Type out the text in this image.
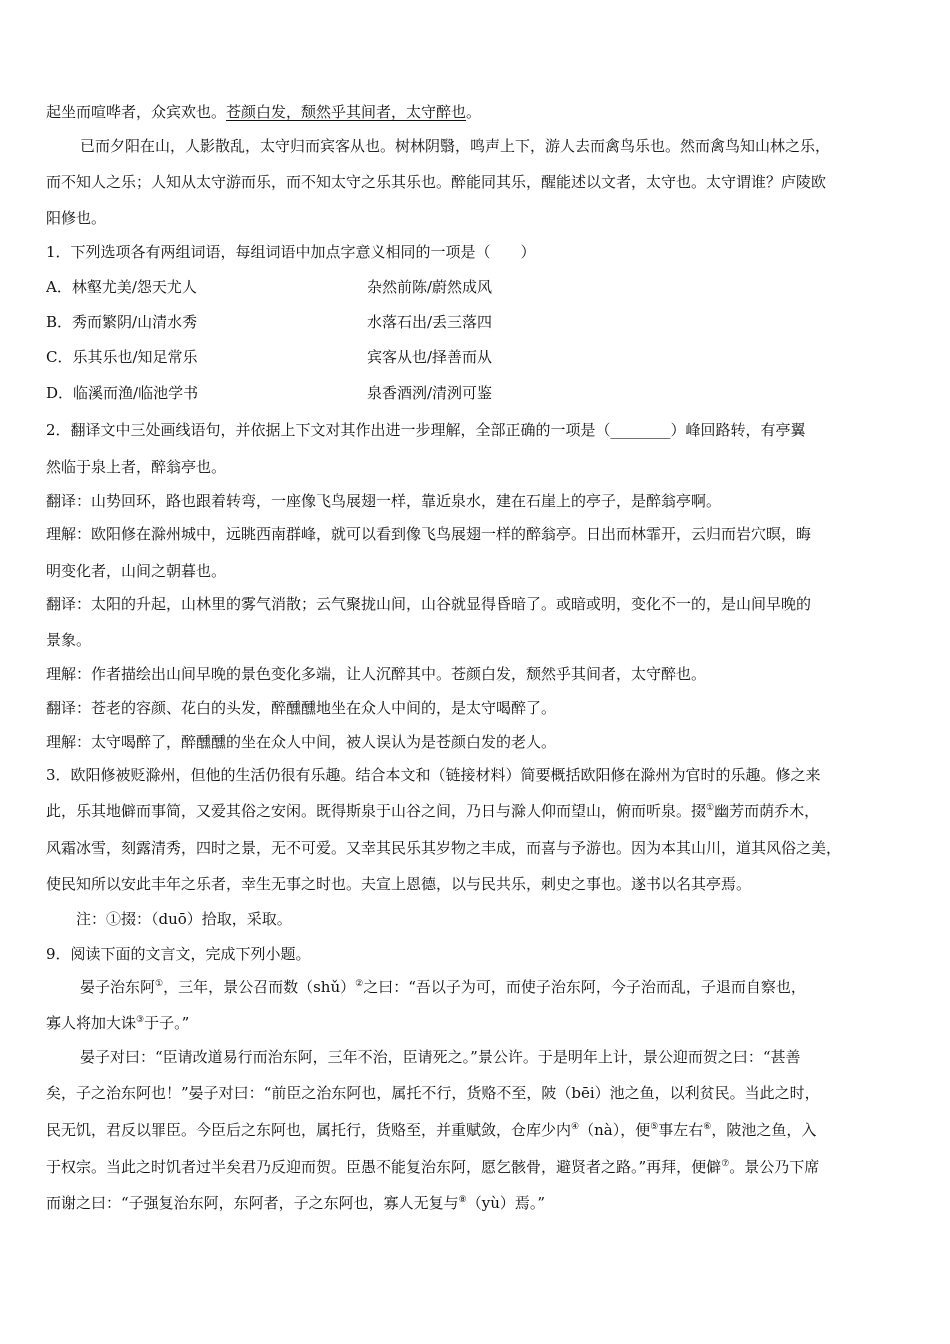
起坐而喧哗者，众宾欢也。苍颜白发，颓然乎其间者，太守醉也。
已而夕阳在山，人影散乱，太守归而宾客从也。树林阴翳，鸣声上下，游人去而禽鸟乐也。然而禽鸟知山林之乐，
而不知人之乐；人知从太守游而乐，而不知太守之乐其乐也。醉能同其乐，醒能述以文者，太守也。太守谓谁？庐陵欧
阳修也。
1．下列选项各有两组词语，每组词语中加点字意义相同的一项是（　　）
A．林壑尤美/怨天尤人	杂然前陈/蔚然成风
B．秀而繁阴/山清水秀	水落石出/丢三落四
C．乐其乐也/知足常乐	宾客从也/择善而从
D．临溪而渔/临池学书	泉香酒洌/清洌可鉴
2．翻译文中三处画线语句，并依据上下文对其作出进一步理解，全部正确的一项是（________）峰回路转，有亭翼
然临于泉上者，醉翁亭也。
翻译：山势回环，路也跟着转弯，一座像飞鸟展翅一样，靠近泉水，建在石崖上的亭子，是醉翁亭啊。
理解：欧阳修在滁州城中，远眺西南群峰，就可以看到像飞鸟展翅一样的醉翁亭。日出而林霏开，云归而岩穴暝，晦
明变化者，山间之朝暮也。
翻译：太阳的升起，山林里的雾气消散；云气聚拢山间，山谷就显得昏暗了。或暗或明，变化不一的，是山间早晚的
景象。
理解：作者描绘出山间早晚的景色变化多端，让人沉醉其中。苍颜白发，颓然乎其间者，太守醉也。
翻译：苍老的容颜、花白的头发，醉醺醺地坐在众人中间的，是太守喝醉了。
理解：太守喝醉了，醉醺醺的坐在众人中间，被人误认为是苍颜白发的老人。
3．欧阳修被贬滁州，但他的生活仍很有乐趣。结合本文和（链接材料）简要概括欧阳修在滁州为官时的乐趣。修之来
此，乐其地僻而事简，又爱其俗之安闲。既得斯泉于山谷之间，乃日与滁人仰而望山，俯而听泉。掇①幽芳而荫乔木，
风霜冰雪，刻露清秀，四时之景，无不可爱。又幸其民乐其岁物之丰成，而喜与予游也。因为本其山川，道其风俗之美，
使民知所以安此丰年之乐者，幸生无事之时也。夫宣上恩德，以与民共乐，刺史之事也。遂书以名其亭焉。
注：①掇：（duō）拾取，采取。
9．阅读下面的文言文，完成下列小题。
晏子治东阿①，三年，景公召而数（shǔ）②之曰：“吾以子为可，而使子治东阿，今子治而乱，子退而自察也，
寡人将加大诛③于子。”
晏子对曰：“臣请改道易行而治东阿，三年不治，臣请死之。”景公许。于是明年上计，景公迎而贺之曰：“甚善
矣，子之治东阿也！”晏子对曰：“前臣之治东阿也，属托不行，货赂不至，陂（bēi）池之鱼，以利贫民。当此之时，
民无饥，君反以罪臣。今臣后之东阿也，属托行，货赂至，并重赋敛，仓库少内④（nà），便⑤事左右⑥，陂池之鱼，入
于权宗。当此之时饥者过半矣君乃反迎而贺。臣愚不能复治东阿，愿乞骸骨，避贤者之路。”再拜，便僻⑦。景公乃下席
而谢之曰：“子强复治东阿，东阿者，子之东阿也，寡人无复与⑧（yù）焉。”
